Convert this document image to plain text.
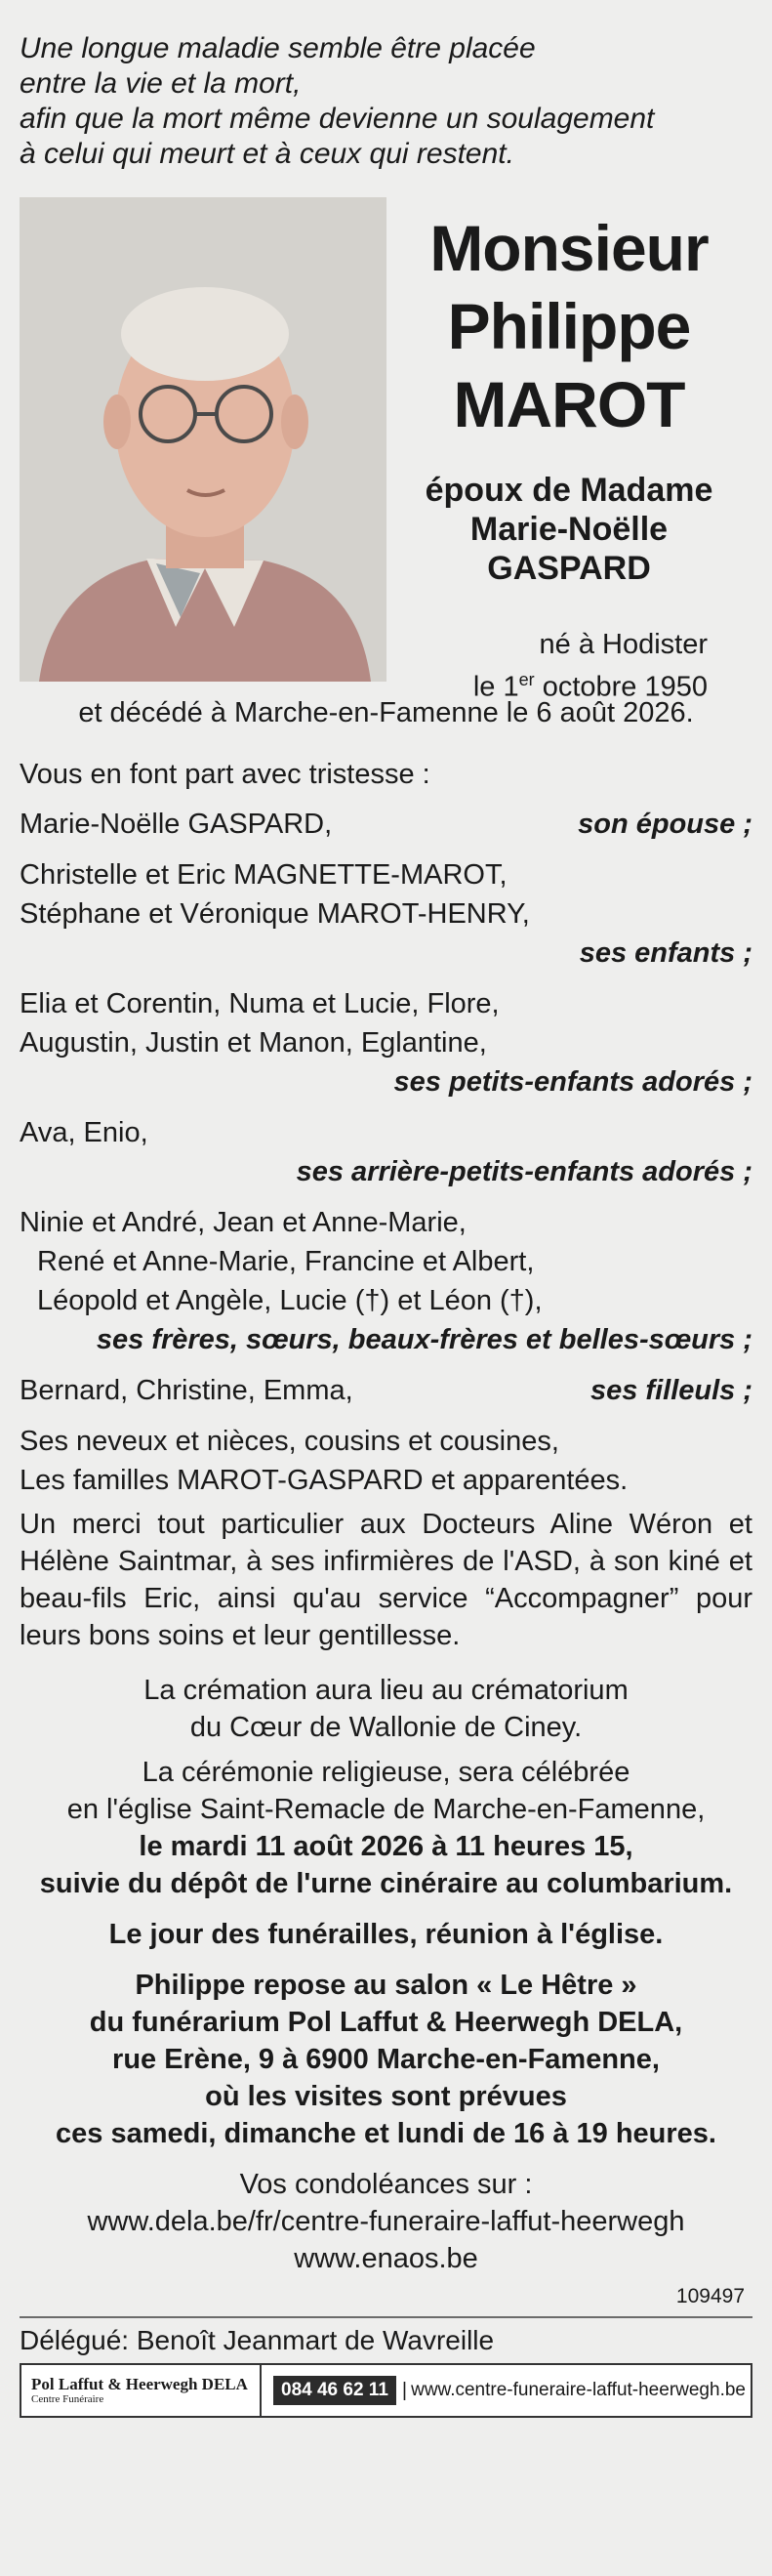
Une longue maladie semble être placée
entre la vie et la mort,
afin que la mort même devienne un soulagement
à celui qui meurt et à ceux qui restent.
Monsieur
Philippe
MAROT
époux de Madame
Marie-Noëlle
GASPARD
né à Hodister
le 1er octobre 1950
et décédé à Marche-en-Famenne le 6 août 2026.
Vous en font part avec tristesse :
Marie-Noëlle GASPARD,	son épouse ;
Christelle et Eric MAGNETTE-MAROT,
Stéphane et Véronique MAROT-HENRY,
ses enfants ;
Elia et Corentin, Numa et Lucie, Flore,
Augustin, Justin et Manon, Eglantine,
ses petits-enfants adorés ;
Ava, Enio,
ses arrière-petits-enfants adorés ;
Ninie et André, Jean et Anne-Marie,
René et Anne-Marie, Francine et Albert,
Léopold et Angèle, Lucie (†) et Léon (†),
ses frères, sœurs, beaux-frères et belles-sœurs ;
Bernard, Christine, Emma,	ses filleuls ;
Ses neveux et nièces, cousins et cousines,
Les familles MAROT-GASPARD et apparentées.
Un merci tout particulier aux Docteurs Aline Wéron et Hélène Saintmar, à ses infirmières de l'ASD, à son kiné et beau-fils Eric, ainsi qu'au service “Accompagner” pour leurs bons soins et leur gentillesse.
La crémation aura lieu au crématorium
du Cœur de Wallonie de Ciney.
La cérémonie religieuse, sera célébrée
en l'église Saint-Remacle de Marche-en-Famenne,
le mardi 11 août 2026 à 11 heures 15,
suivie du dépôt de l'urne cinéraire au columbarium.
Le jour des funérailles, réunion à l'église.
Philippe repose au salon « Le Hêtre »
du funérarium Pol Laffut & Heerwegh DELA,
rue Erène, 9 à 6900 Marche-en-Famenne,
où les visites sont prévues
ces samedi, dimanche et lundi de 16 à 19 heures.
Vos condoléances sur :
www.dela.be/fr/centre-funeraire-laffut-heerwegh
www.enaos.be
109497
Délégué: Benoît Jeanmart de Wavreille
Pol Laffut & Heerwegh DELA
Centre Funéraire	084 46 62 11 | www.centre-funeraire-laffut-heerwegh.be
